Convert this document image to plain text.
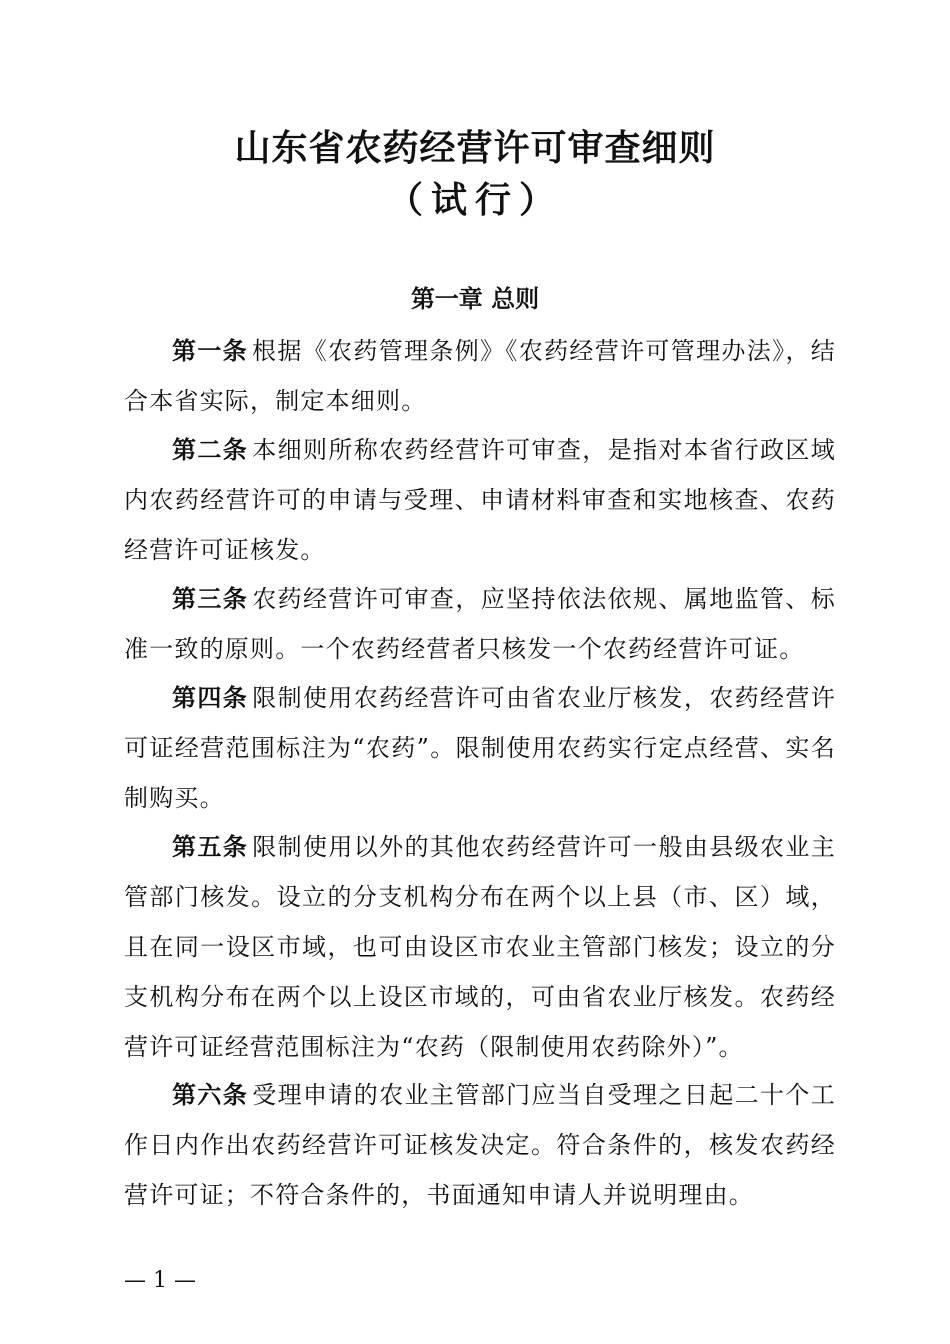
山东省农药经营许可审查细则
（试行）
第一章 总则
第一条 根据《农药管理条例》《农药经营许可管理办法》，结合本省实际，制定本细则。
第二条 本细则所称农药经营许可审查，是指对本省行政区域内农药经营许可的申请与受理、申请材料审查和实地核查、农药经营许可证核发。
第三条 农药经营许可审查，应坚持依法依规、属地监管、标准一致的原则。一个农药经营者只核发一个农药经营许可证。
第四条 限制使用农药经营许可由省农业厅核发，农药经营许可证经营范围标注为“农药”。限制使用农药实行定点经营、实名制购买。
第五条 限制使用以外的其他农药经营许可一般由县级农业主管部门核发。设立的分支机构分布在两个以上县（市、区）域，且在同一设区市域，也可由设区市农业主管部门核发；设立的分支机构分布在两个以上设区市域的，可由省农业厅核发。农药经营许可证经营范围标注为“农药（限制使用农药除外）”。
第六条 受理申请的农业主管部门应当自受理之日起二十个工作日内作出农药经营许可证核发决定。符合条件的，核发农药经营许可证；不符合条件的，书面通知申请人并说明理由。
— 1 —
